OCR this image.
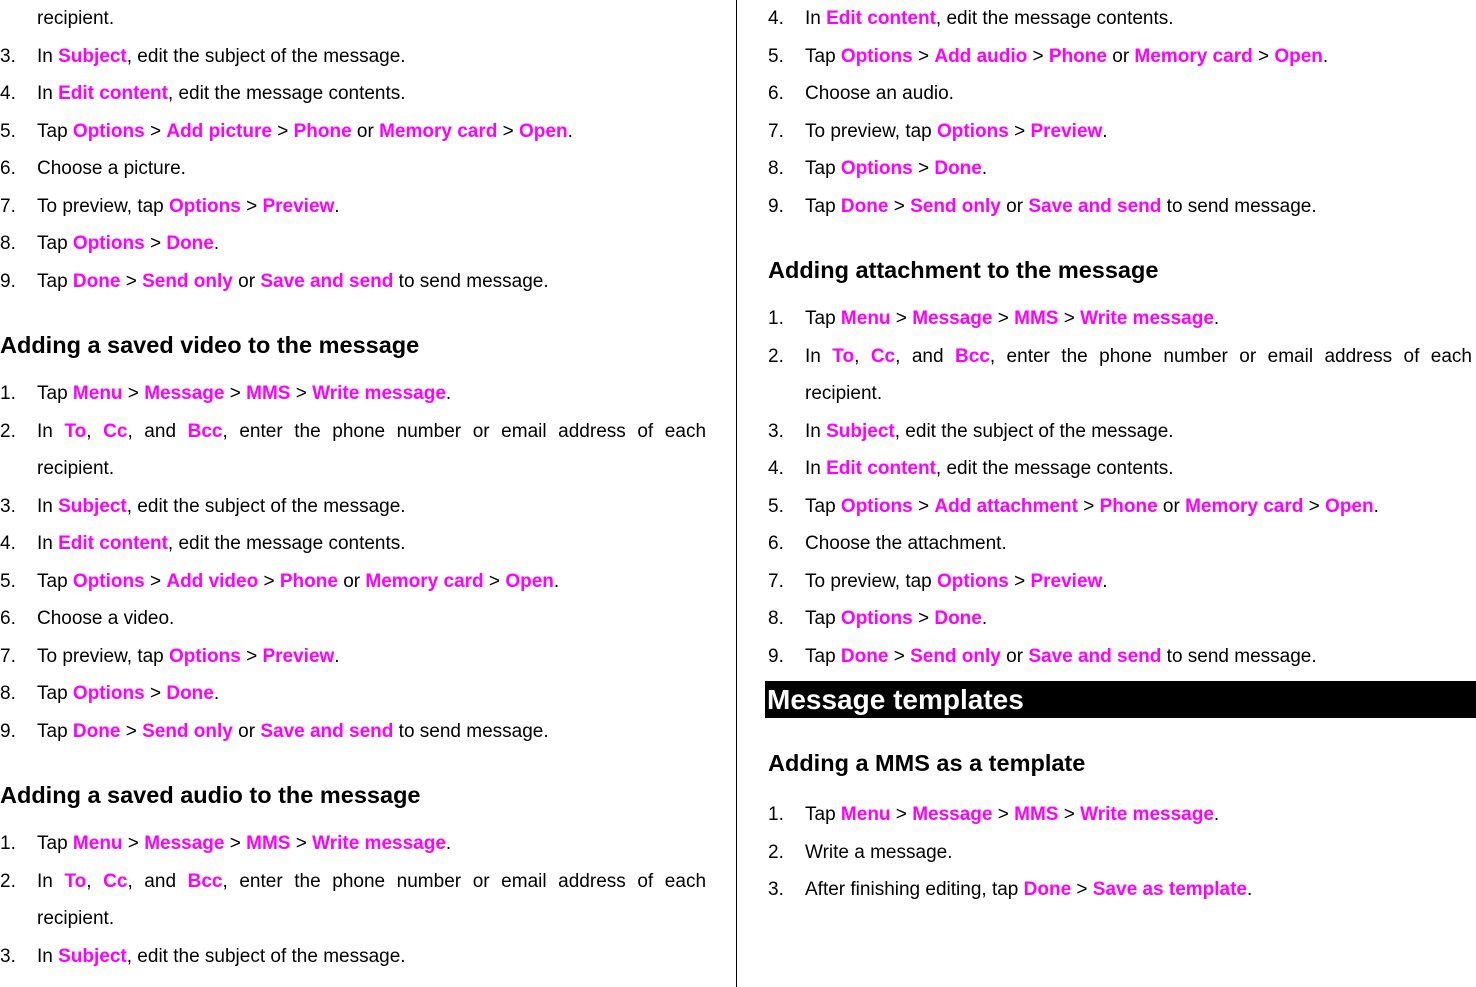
recipient.
3. In Subject, edit the subject of the message.
4. In Edit content, edit the message contents.
5. Tap Options > Add picture > Phone or Memory card > Open.
6. Choose a picture.
7. To preview, tap Options > Preview.
8. Tap Options > Done.
9. Tap Done > Send only or Save and send to send message.
Adding a saved video to the message
1. Tap Menu > Message > MMS > Write message.
2. In To, Cc, and Bcc, enter the phone number or email address of each recipient.
3. In Subject, edit the subject of the message.
4. In Edit content, edit the message contents.
5. Tap Options > Add video > Phone or Memory card > Open.
6. Choose a video.
7. To preview, tap Options > Preview.
8. Tap Options > Done.
9. Tap Done > Send only or Save and send to send message.
Adding a saved audio to the message
1. Tap Menu > Message > MMS > Write message.
2. In To, Cc, and Bcc, enter the phone number or email address of each recipient.
3. In Subject, edit the subject of the message.
4. In Edit content, edit the message contents.
5. Tap Options > Add audio > Phone or Memory card > Open.
6. Choose an audio.
7. To preview, tap Options > Preview.
8. Tap Options > Done.
9. Tap Done > Send only or Save and send to send message.
Adding attachment to the message
1. Tap Menu > Message > MMS > Write message.
2. In To, Cc, and Bcc, enter the phone number or email address of each recipient.
3. In Subject, edit the subject of the message.
4. In Edit content, edit the message contents.
5. Tap Options > Add attachment > Phone or Memory card > Open.
6. Choose the attachment.
7. To preview, tap Options > Preview.
8. Tap Options > Done.
9. Tap Done > Send only or Save and send to send message.
Message templates
Adding a MMS as a template
1. Tap Menu > Message > MMS > Write message.
2. Write a message.
3. After finishing editing, tap Done > Save as template.
